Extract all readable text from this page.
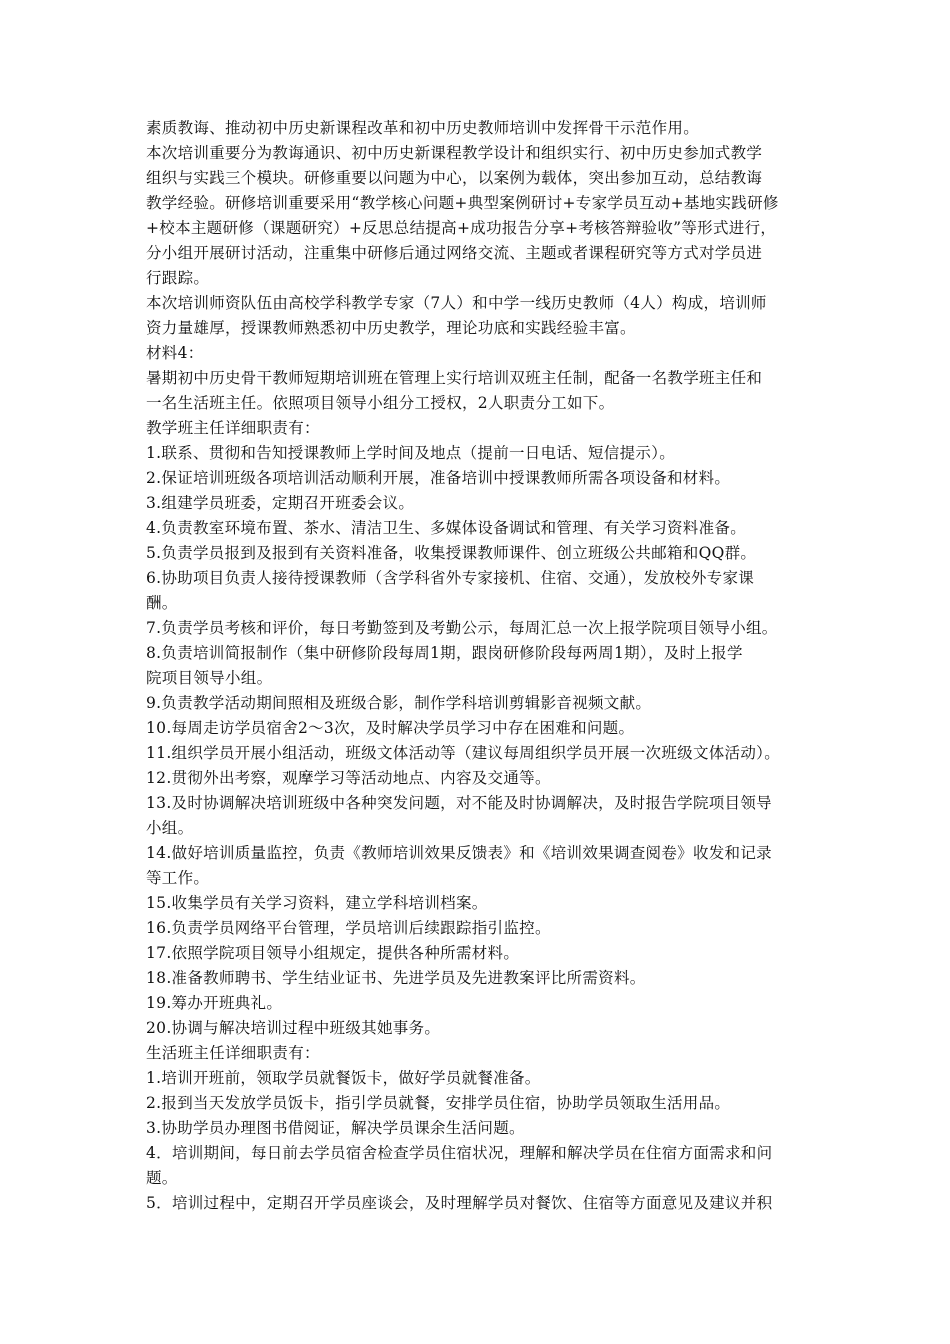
素质教诲、推动初中历史新课程改革和初中历史教师培训中发挥骨干示范作用。
本次培训重要分为教诲通识、初中历史新课程教学设计和组织实行、初中历史参加式教学
组织与实践三个模块。研修重要以问题为中心，以案例为载体，突出参加互动，总结教诲
教学经验。研修培训重要采用“教学核心问题+典型案例研讨+专家学员互动+基地实践研修
+校本主题研修（课题研究）+反思总结提高+成功报告分享+考核答辩验收”等形式进行，
分小组开展研讨活动，注重集中研修后通过网络交流、主题或者课程研究等方式对学员进
行跟踪。
本次培训师资队伍由高校学科教学专家（7人）和中学一线历史教师（4人）构成，培训师
资力量雄厚，授课教师熟悉初中历史教学，理论功底和实践经验丰富。
材料4：
暑期初中历史骨干教师短期培训班在管理上实行培训双班主任制，配备一名教学班主任和
一名生活班主任。依照项目领导小组分工授权，2人职责分工如下。
教学班主任详细职责有：
1.联系、贯彻和告知授课教师上学时间及地点（提前一日电话、短信提示）。
2.保证培训班级各项培训活动顺利开展，准备培训中授课教师所需各项设备和材料。
3.组建学员班委，定期召开班委会议。
4.负责教室环境布置、茶水、清洁卫生、多媒体设备调试和管理、有关学习资料准备。
5.负责学员报到及报到有关资料准备，收集授课教师课件、创立班级公共邮箱和QQ群。
6.协助项目负责人接待授课教师（含学科省外专家接机、住宿、交通），发放校外专家课
酬。
7.负责学员考核和评价，每日考勤签到及考勤公示，每周汇总一次上报学院项目领导小组。
8.负责培训简报制作（集中研修阶段每周1期，跟岗研修阶段每两周1期），及时上报学
院项目领导小组。
9.负责教学活动期间照相及班级合影，制作学科培训剪辑影音视频文献。
10.每周走访学员宿舍2～3次，及时解决学员学习中存在困难和问题。
11.组织学员开展小组活动，班级文体活动等（建议每周组织学员开展一次班级文体活动）。
12.贯彻外出考察，观摩学习等活动地点、内容及交通等。
13.及时协调解决培训班级中各种突发问题，对不能及时协调解决，及时报告学院项目领导
小组。
14.做好培训质量监控，负责《教师培训效果反馈表》和《培训效果调查阅卷》收发和记录
等工作。
15.收集学员有关学习资料，建立学科培训档案。
16.负责学员网络平台管理，学员培训后续跟踪指引监控。
17.依照学院项目领导小组规定，提供各种所需材料。
18.准备教师聘书、学生结业证书、先进学员及先进教案评比所需资料。
19.筹办开班典礼。
20.协调与解决培训过程中班级其她事务。
生活班主任详细职责有：
1.培训开班前，领取学员就餐饭卡，做好学员就餐准备。
2.报到当天发放学员饭卡，指引学员就餐，安排学员住宿，协助学员领取生活用品。
3.协助学员办理图书借阅证，解决学员课余生活问题。
4．培训期间，每日前去学员宿舍检查学员住宿状况，理解和解决学员在住宿方面需求和问
题。
5．培训过程中，定期召开学员座谈会，及时理解学员对餐饮、住宿等方面意见及建议并积
